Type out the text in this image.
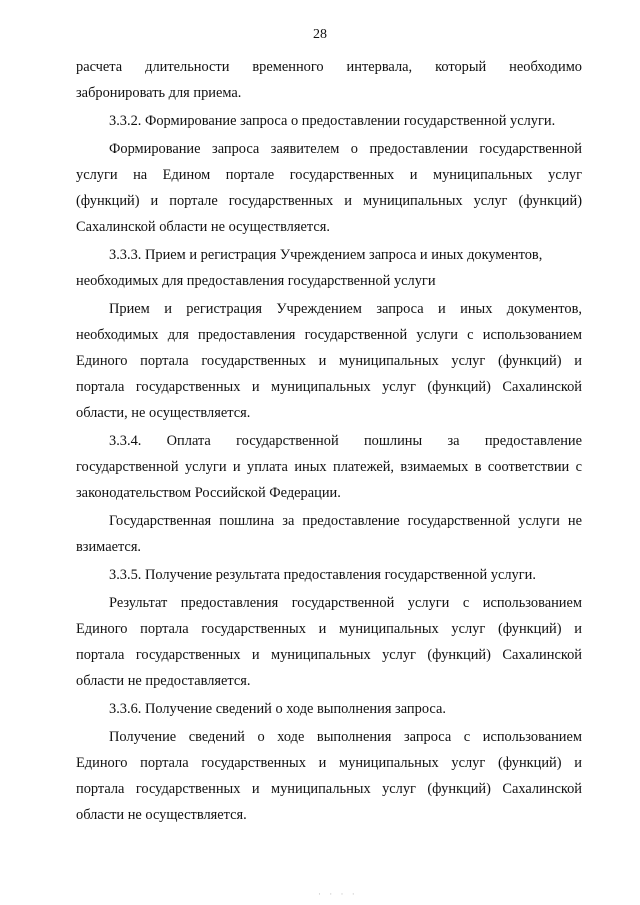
28
расчета длительности временного интервала, который необходимо
забронировать для приема.
3.3.2. Формирование запроса о предоставлении государственной услуги.
Формирование запроса заявителем о предоставлении государственной
услуги на Едином портале государственных и муниципальных услуг
(функций) и портале государственных и муниципальных услуг (функций)
Сахалинской области не осуществляется.
3.3.3. Прием и регистрация Учреждением запроса и иных документов,
необходимых для предоставления государственной услуги
Прием и регистрация Учреждением запроса и иных документов,
необходимых для предоставления государственной услуги с использованием
Единого портала государственных и муниципальных услуг (функций) и
портала государственных и муниципальных услуг (функций) Сахалинской
области, не осуществляется.
3.3.4. Оплата государственной пошлины за предоставление
государственной услуги и уплата иных платежей, взимаемых в соответствии с
законодательством Российской Федерации.
Государственная пошлина за предоставление государственной услуги не
взимается.
3.3.5. Получение результата предоставления государственной услуги.
Результат предоставления государственной услуги с использованием
Единого портала государственных и муниципальных услуг (функций) и
портала государственных и муниципальных услуг (функций) Сахалинской
области не предоставляется.
3.3.6. Получение сведений о ходе выполнения запроса.
Получение сведений о ходе выполнения запроса с использованием
Единого портала государственных и муниципальных услуг (функций) и
портала государственных и муниципальных услуг (функций) Сахалинской
области не осуществляется.
· · · ·
